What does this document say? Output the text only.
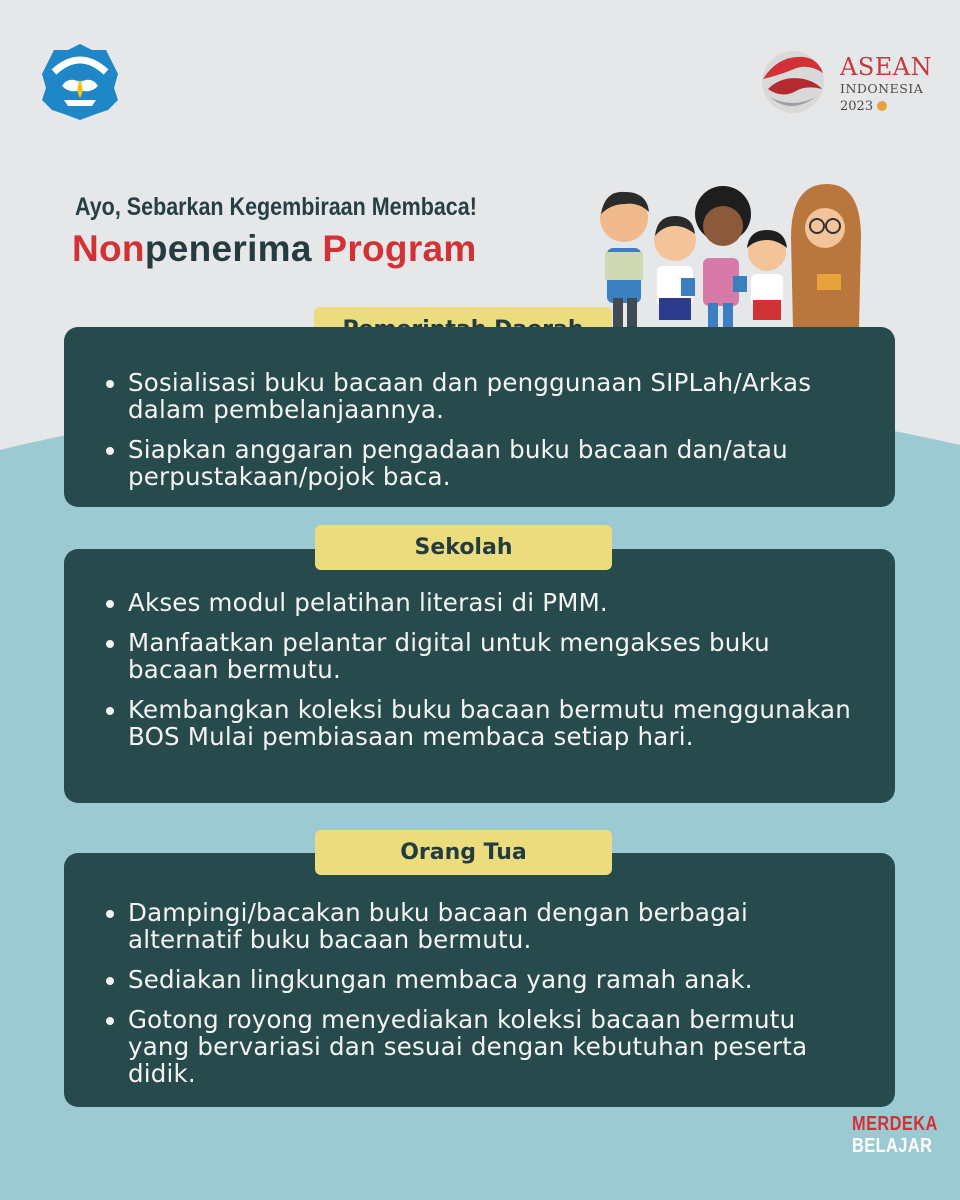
ASEAN
INDONESIA
2023
Ayo, Sebarkan Kegembiraan Membaca!
Nonpenerima Program
Sosialisasi buku bacaan dan penggunaan SIPLah/Arkas dalam pembelanjaannya.
Siapkan anggaran pengadaan buku bacaan dan/atau perpustakaan/pojok baca.
Akses modul pelatihan literasi di PMM.
Manfaatkan pelantar digital untuk mengakses buku bacaan bermutu.
Kembangkan koleksi buku bacaan bermutu menggunakan BOS Mulai pembiasaan membaca setiap hari.
Sekolah
Dampingi/bacakan buku bacaan dengan berbagai alternatif buku bacaan bermutu.
Sediakan lingkungan membaca yang ramah anak.
Gotong royong menyediakan koleksi bacaan bermutu yang bervariasi dan sesuai dengan kebutuhan peserta didik.
Orang Tua
MERDEKA
BELAJAR
